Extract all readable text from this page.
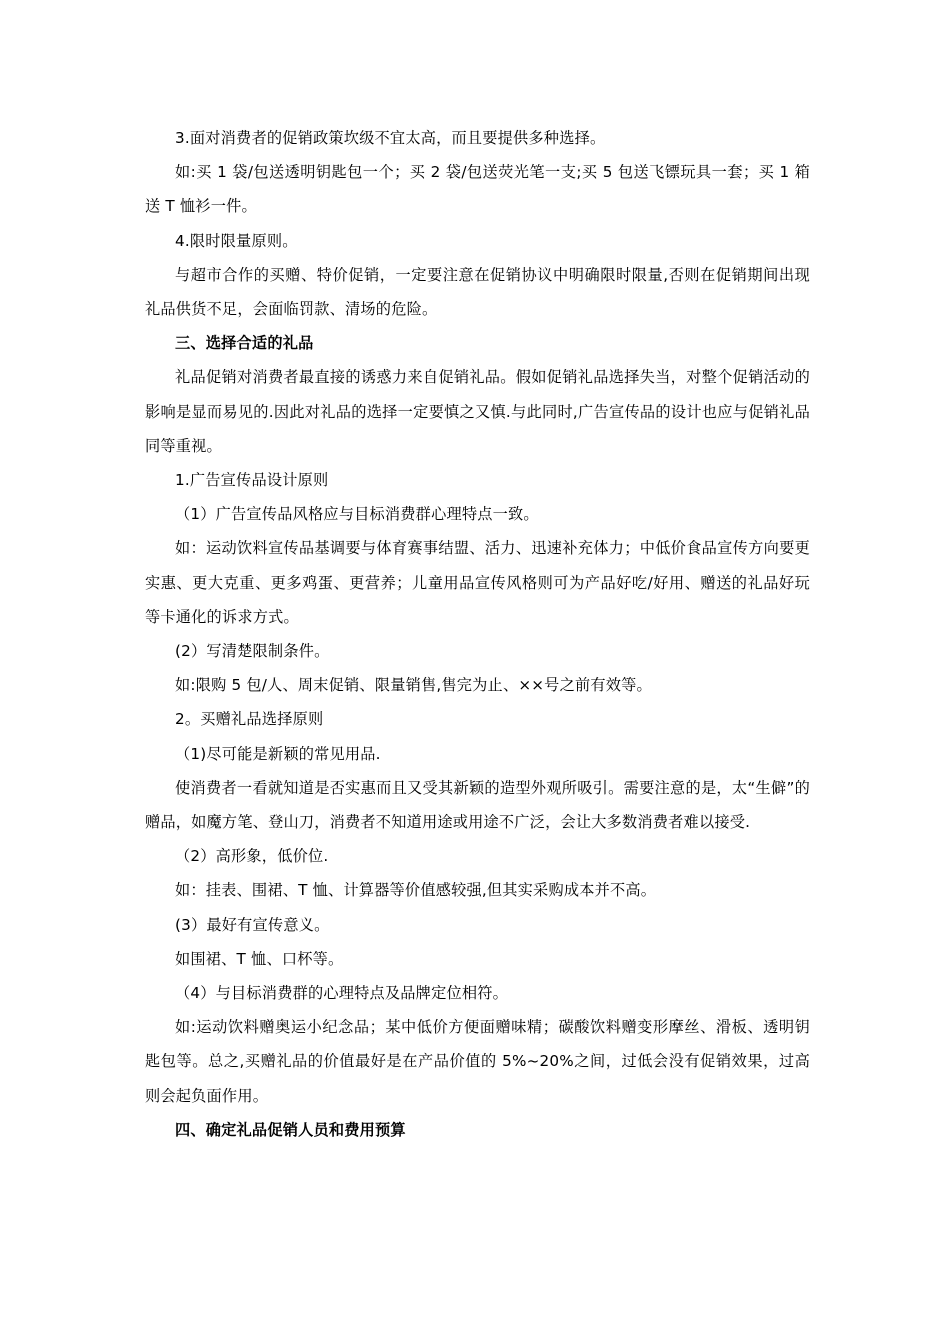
3.面对消费者的促销政策坎级不宜太高，而且要提供多种选择。

如:买 1 袋/包送透明钥匙包一个；买 2 袋/包送荧光笔一支;买 5 包送飞镖玩具一套；买 1 箱送 T 恤衫一件。

4.限时限量原则。

与超市合作的买赠、特价促销，一定要注意在促销协议中明确限时限量,否则在促销期间出现礼品供货不足，会面临罚款、清场的危险。

三、选择合适的礼品

礼品促销对消费者最直接的诱惑力来自促销礼品。假如促销礼品选择失当，对整个促销活动的影响是显而易见的.因此对礼品的选择一定要慎之又慎.与此同时,广告宣传品的设计也应与促销礼品同等重视。

1.广告宣传品设计原则

（1）广告宣传品风格应与目标消费群心理特点一致。

如：运动饮料宣传品基调要与体育赛事结盟、活力、迅速补充体力；中低价食品宣传方向要更实惠、更大克重、更多鸡蛋、更营养；儿童用品宣传风格则可为产品好吃/好用、赠送的礼品好玩等卡通化的诉求方式。

(2）写清楚限制条件。

如:限购 5 包/人、周末促销、限量销售,售完为止、××号之前有效等。

2。买赠礼品选择原则

（1)尽可能是新颖的常见用品.

使消费者一看就知道是否实惠而且又受其新颖的造型外观所吸引。需要注意的是，太“生僻”的赠品，如魔方笔、登山刀，消费者不知道用途或用途不广泛，会让大多数消费者难以接受.

（2）高形象，低价位.

如：挂表、围裙、T 恤、计算器等价值感较强,但其实采购成本并不高。

(3）最好有宣传意义。

如围裙、T 恤、口杯等。

（4）与目标消费群的心理特点及品牌定位相符。

如:运动饮料赠奥运小纪念品；某中低价方便面赠味精；碳酸饮料赠变形摩丝、滑板、透明钥匙包等。总之,买赠礼品的价值最好是在产品价值的 5%~20%之间，过低会没有促销效果，过高则会起负面作用。

四、确定礼品促销人员和费用预算
